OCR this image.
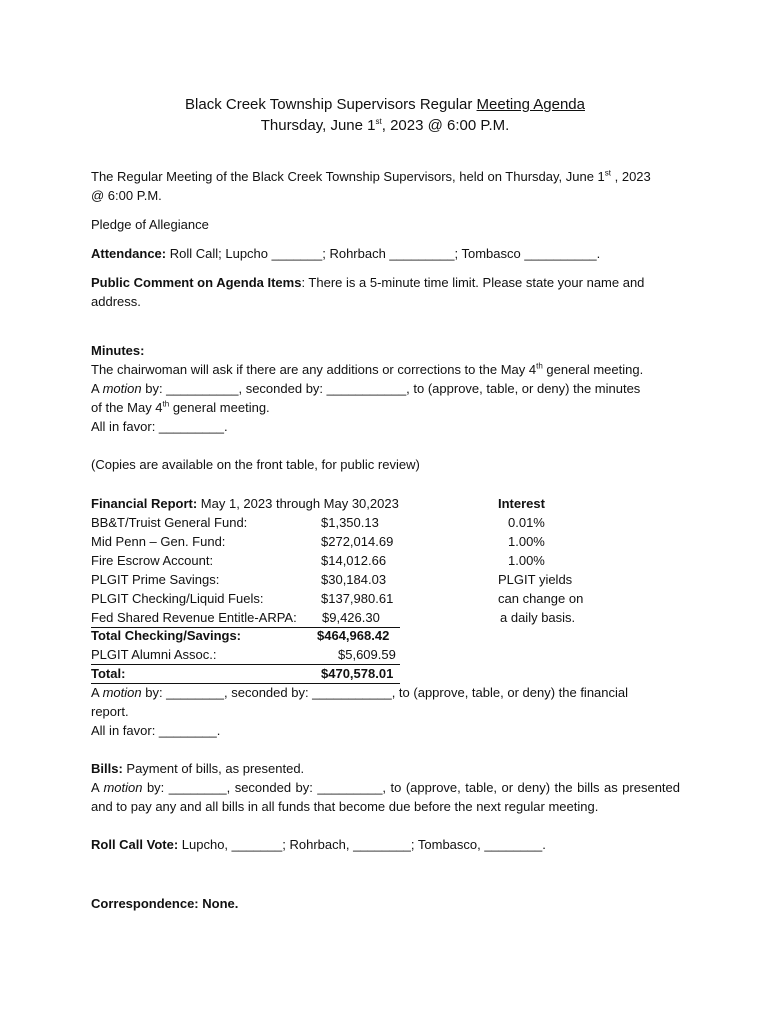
Black Creek Township Supervisors Regular Meeting Agenda
Thursday, June 1st, 2023 @ 6:00 P.M.
The Regular Meeting of the Black Creek Township Supervisors, held on Thursday, June 1st , 2023
@ 6:00 P.M.
Pledge of Allegiance
Attendance: Roll Call; Lupcho _______; Rohrbach _________; Tombasco __________.
Public Comment on Agenda Items: There is a 5-minute time limit. Please state your name and address.
Minutes:
The chairwoman will ask if there are any additions or corrections to the May 4th general meeting.
A motion by: __________, seconded by: ___________, to (approve, table, or deny) the minutes
of the May 4th general meeting.
All in favor: _________.
(Copies are available on the front table, for public review)
Financial Report: May 1, 2023 through May 30,2023	Interest
BB&T/Truist General Fund:	$1,350.13	0.01%
Mid Penn – Gen. Fund:	$272,014.69	1.00%
Fire Escrow Account:	$14,012.66	1.00%
PLGIT Prime Savings:	$30,184.03	PLGIT yields
PLGIT Checking/Liquid Fuels:	$137,980.61	can change on
Fed Shared Revenue Entitle-ARPA:	$9,426.30	a daily basis.
Total Checking/Savings:	$464,968.42
PLGIT Alumni Assoc.:	$5,609.59
Total:	$470,578.01
A motion by: ________, seconded by: ___________, to (approve, table, or deny) the financial
report.
All in favor: ________.
Bills: Payment of bills, as presented.
A motion by: ________, seconded by: _________, to (approve, table, or deny) the bills as presented and to pay any and all bills in all funds that become due before the next regular meeting.
Roll Call Vote: Lupcho, _______; Rohrbach, ________; Tombasco, ________.
Correspondence: None.
